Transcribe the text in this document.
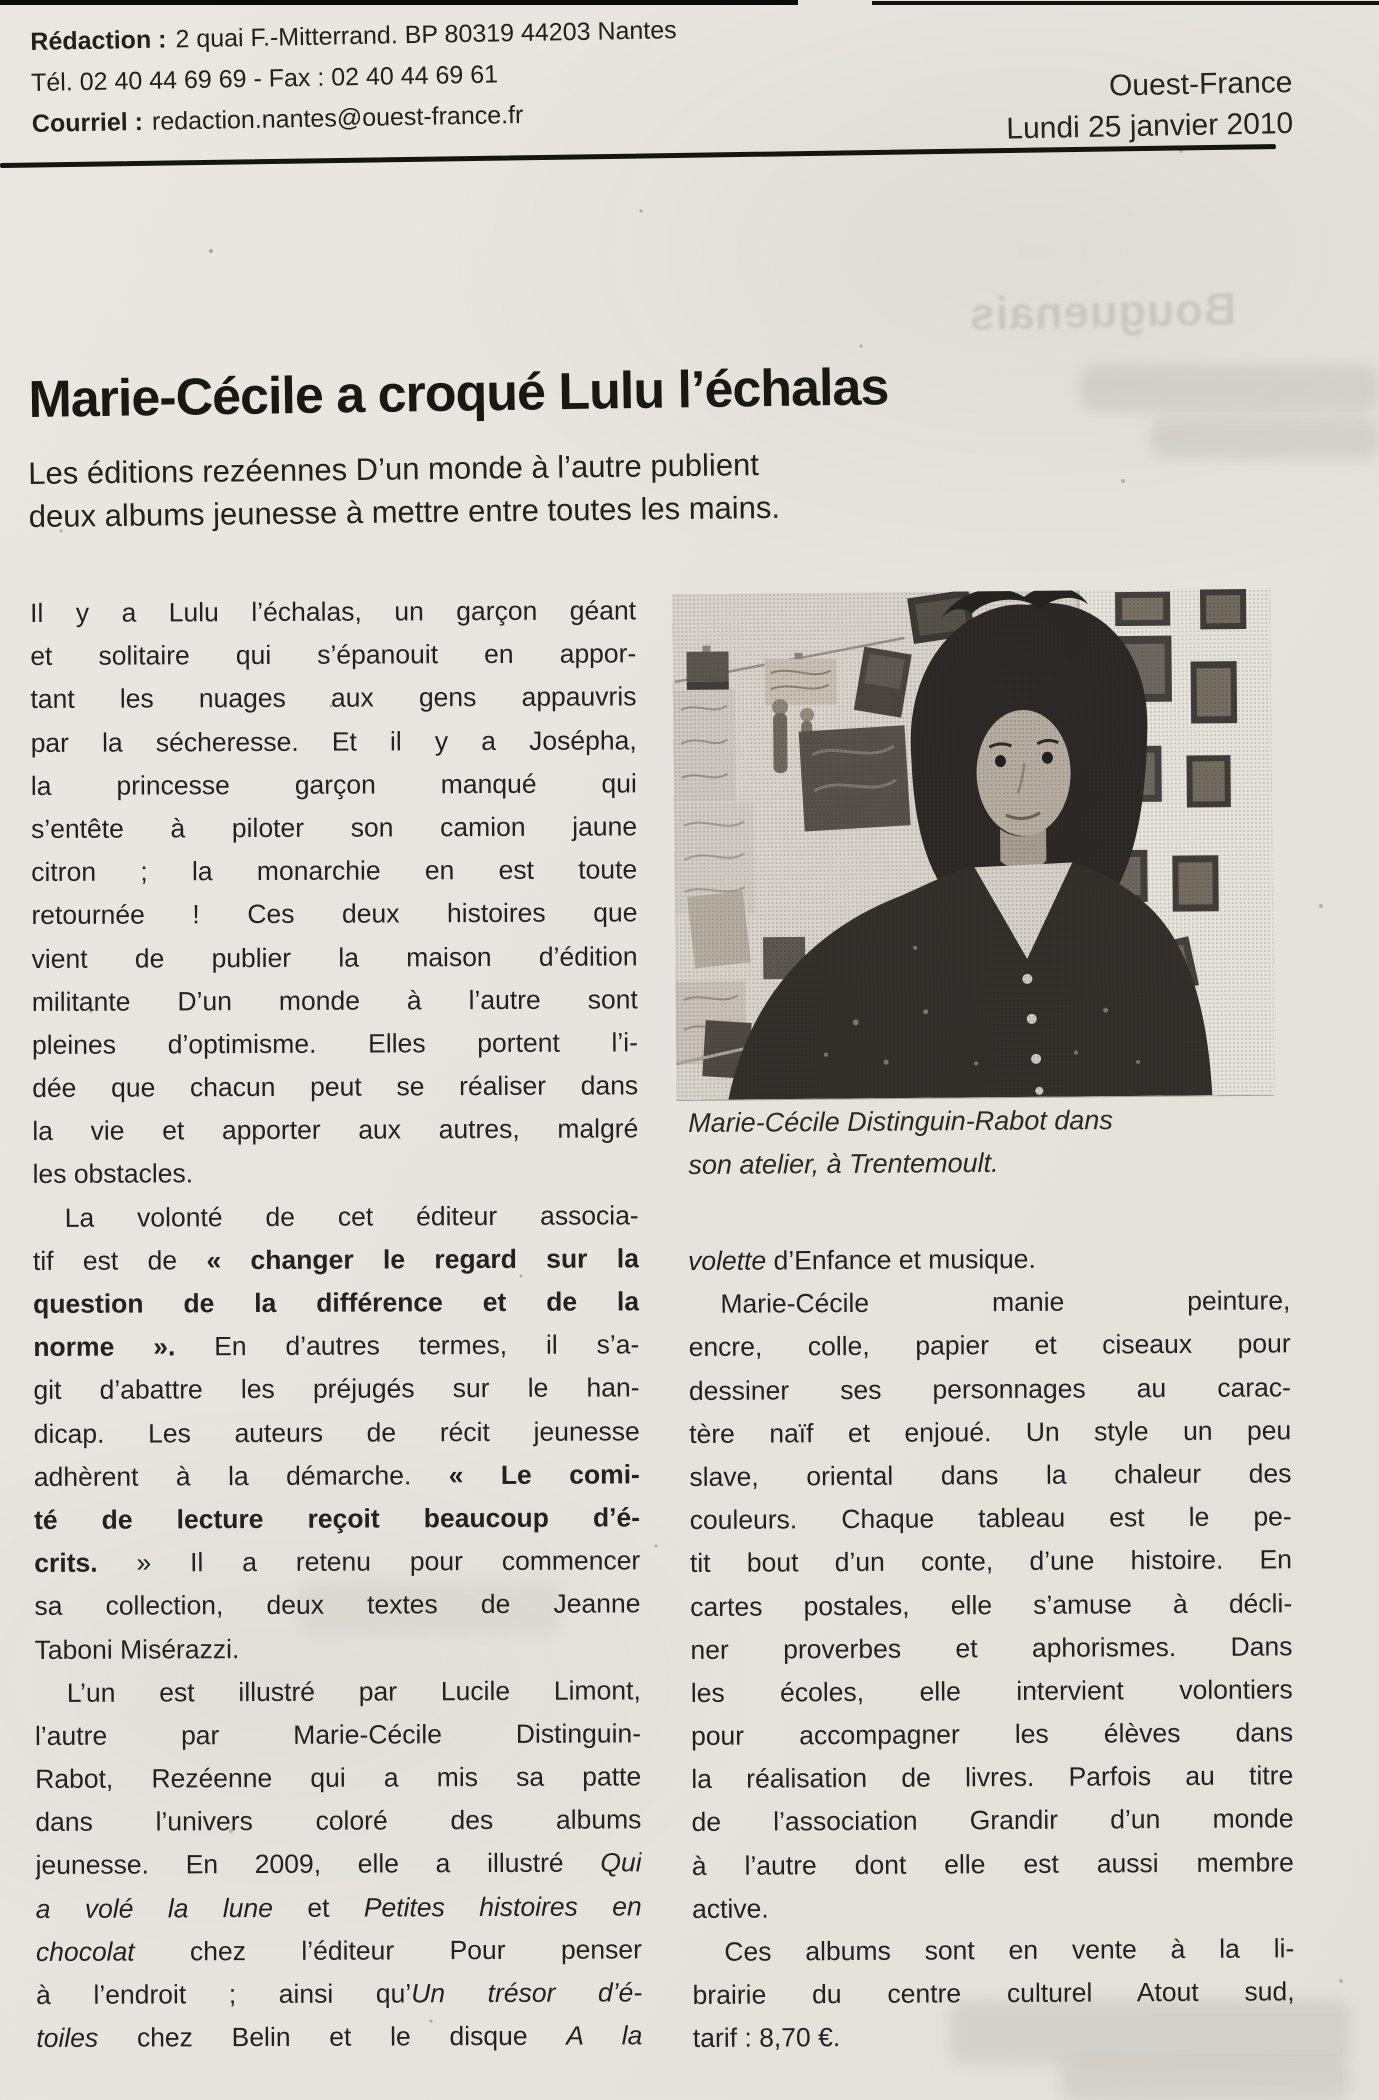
Rédaction : 2 quai F.-Mitterrand. BP 80319 44203 Nantes
Tél. 02 40 44 69 69 - Fax : 02 40 44 69 61
Courriel : redaction.nantes@ouest-france.fr
Ouest-France
Lundi 25 janvier 2010
Bouguenais
Marie-Cécile a croqué Lulu l’échalas
Les éditions rezéennes D’un monde à l’autre publient
deux albums jeunesse à mettre entre toutes les mains.
Il y a Lulu l’échalas, un garçon géant
et solitaire qui s’épanouit en appor-
tant les nuages aux gens appauvris
par la sécheresse. Et il y a Josépha,
la princesse garçon manqué qui
s’entête à piloter son camion jaune
citron ; la monarchie en est toute
retournée ! Ces deux histoires que
vient de publier la maison d’édition
militante D’un monde à l’autre sont
pleines d’optimisme. Elles portent l’i-
dée que chacun peut se réaliser dans
la vie et apporter aux autres, malgré
les obstacles.
La volonté de cet éditeur associa-
tif est de « changer le regard sur la
question de la différence et de la
norme ». En d’autres termes, il s’a-
git d’abattre les préjugés sur le han-
dicap. Les auteurs de récit jeunesse
adhèrent à la démarche. « Le comi-
té de lecture reçoit beaucoup d’é-
crits. » Il a retenu pour commencer
sa collection, deux textes de Jeanne
Taboni Misérazzi.
L’un est illustré par Lucile Limont,
l’autre par Marie-Cécile Distinguin-
Rabot, Rezéenne qui a mis sa patte
dans l’univers coloré des albums
jeunesse. En 2009, elle a illustré Qui
a volé la lune et Petites histoires en
chocolat chez l’éditeur Pour penser
à l’endroit ; ainsi qu’Un trésor d’é-
toiles chez Belin et le disque A la
volette d’Enfance et musique.
Marie-Cécile manie peinture,
encre, colle, papier et ciseaux pour
dessiner ses personnages au carac-
tère naïf et enjoué. Un style un peu
slave, oriental dans la chaleur des
couleurs. Chaque tableau est le pe-
tit bout d’un conte, d’une histoire. En
cartes postales, elle s’amuse à décli-
ner proverbes et aphorismes. Dans
les écoles, elle intervient volontiers
pour accompagner les élèves dans
la réalisation de livres. Parfois au titre
de l’association Grandir d’un monde
à l’autre dont elle est aussi membre
active.
Ces albums sont en vente à la li-
brairie du centre culturel Atout sud,
tarif : 8,70 €.
Marie-Cécile Distinguin-Rabot dans
son atelier, à Trentemoult.
